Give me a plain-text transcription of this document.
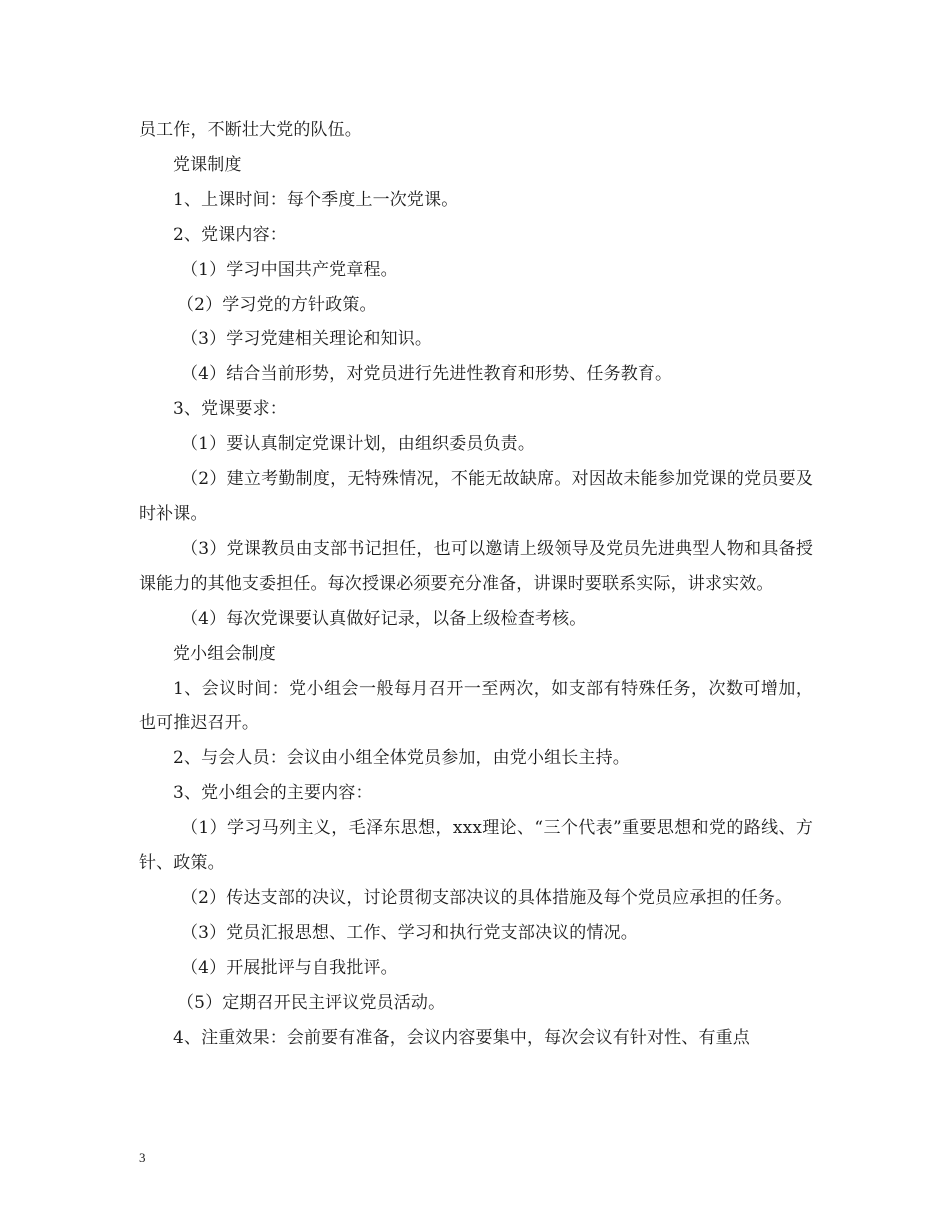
员工作，不断壮大党的队伍。

党课制度

1、上课时间：每个季度上一次党课。

2、党课内容：

（1）学习中国共产党章程。

（2）学习党的方针政策。

（3）学习党建相关理论和知识。

（4）结合当前形势，对党员进行先进性教育和形势、任务教育。

3、党课要求：

（1）要认真制定党课计划，由组织委员负责。

（2）建立考勤制度，无特殊情况，不能无故缺席。对因故未能参加党课的党员要及时补课。

（3）党课教员由支部书记担任，也可以邀请上级领导及党员先进典型人物和具备授课能力的其他支委担任。每次授课必须要充分准备，讲课时要联系实际，讲求实效。

（4）每次党课要认真做好记录，以备上级检查考核。

党小组会制度

1、会议时间：党小组会一般每月召开一至两次，如支部有特殊任务，次数可增加，也可推迟召开。

2、与会人员：会议由小组全体党员参加，由党小组长主持。

3、党小组会的主要内容：

（1）学习马列主义，毛泽东思想，xxx理论、“三个代表”重要思想和党的路线、方针、政策。

（2）传达支部的决议，讨论贯彻支部决议的具体措施及每个党员应承担的任务。

（3）党员汇报思想、工作、学习和执行党支部决议的情况。

（4）开展批评与自我批评。

（5）定期召开民主评议党员活动。

4、注重效果：会前要有准备，会议内容要集中，每次会议有针对性、有重点

3
